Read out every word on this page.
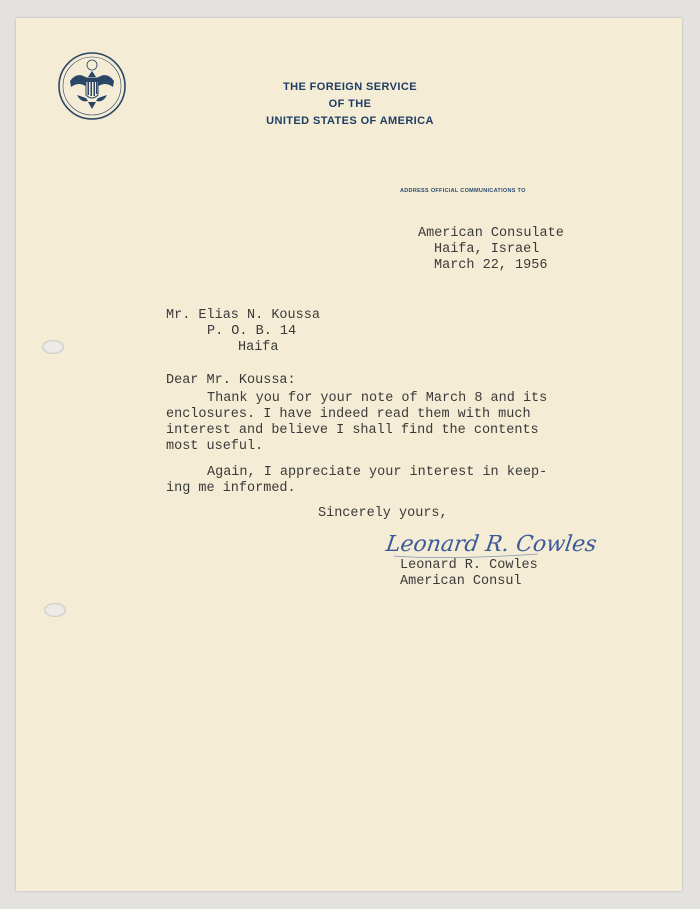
THE FOREIGN SERVICE
OF THE
UNITED STATES OF AMERICA
ADDRESS OFFICIAL COMMUNICATIONS TO
American Consulate
Haifa, Israel
March 22, 1956
Mr. Elias N. Koussa
P. O. B. 14
Haifa
Dear Mr. Koussa:
Thank you for your note of March 8 and its
enclosures. I have indeed read them with much
interest and believe I shall find the contents
most useful.
Again, I appreciate your interest in keep-
ing me informed.
Sincerely yours,
Leonard R. Cowles
Leonard R. Cowles
American Consul
